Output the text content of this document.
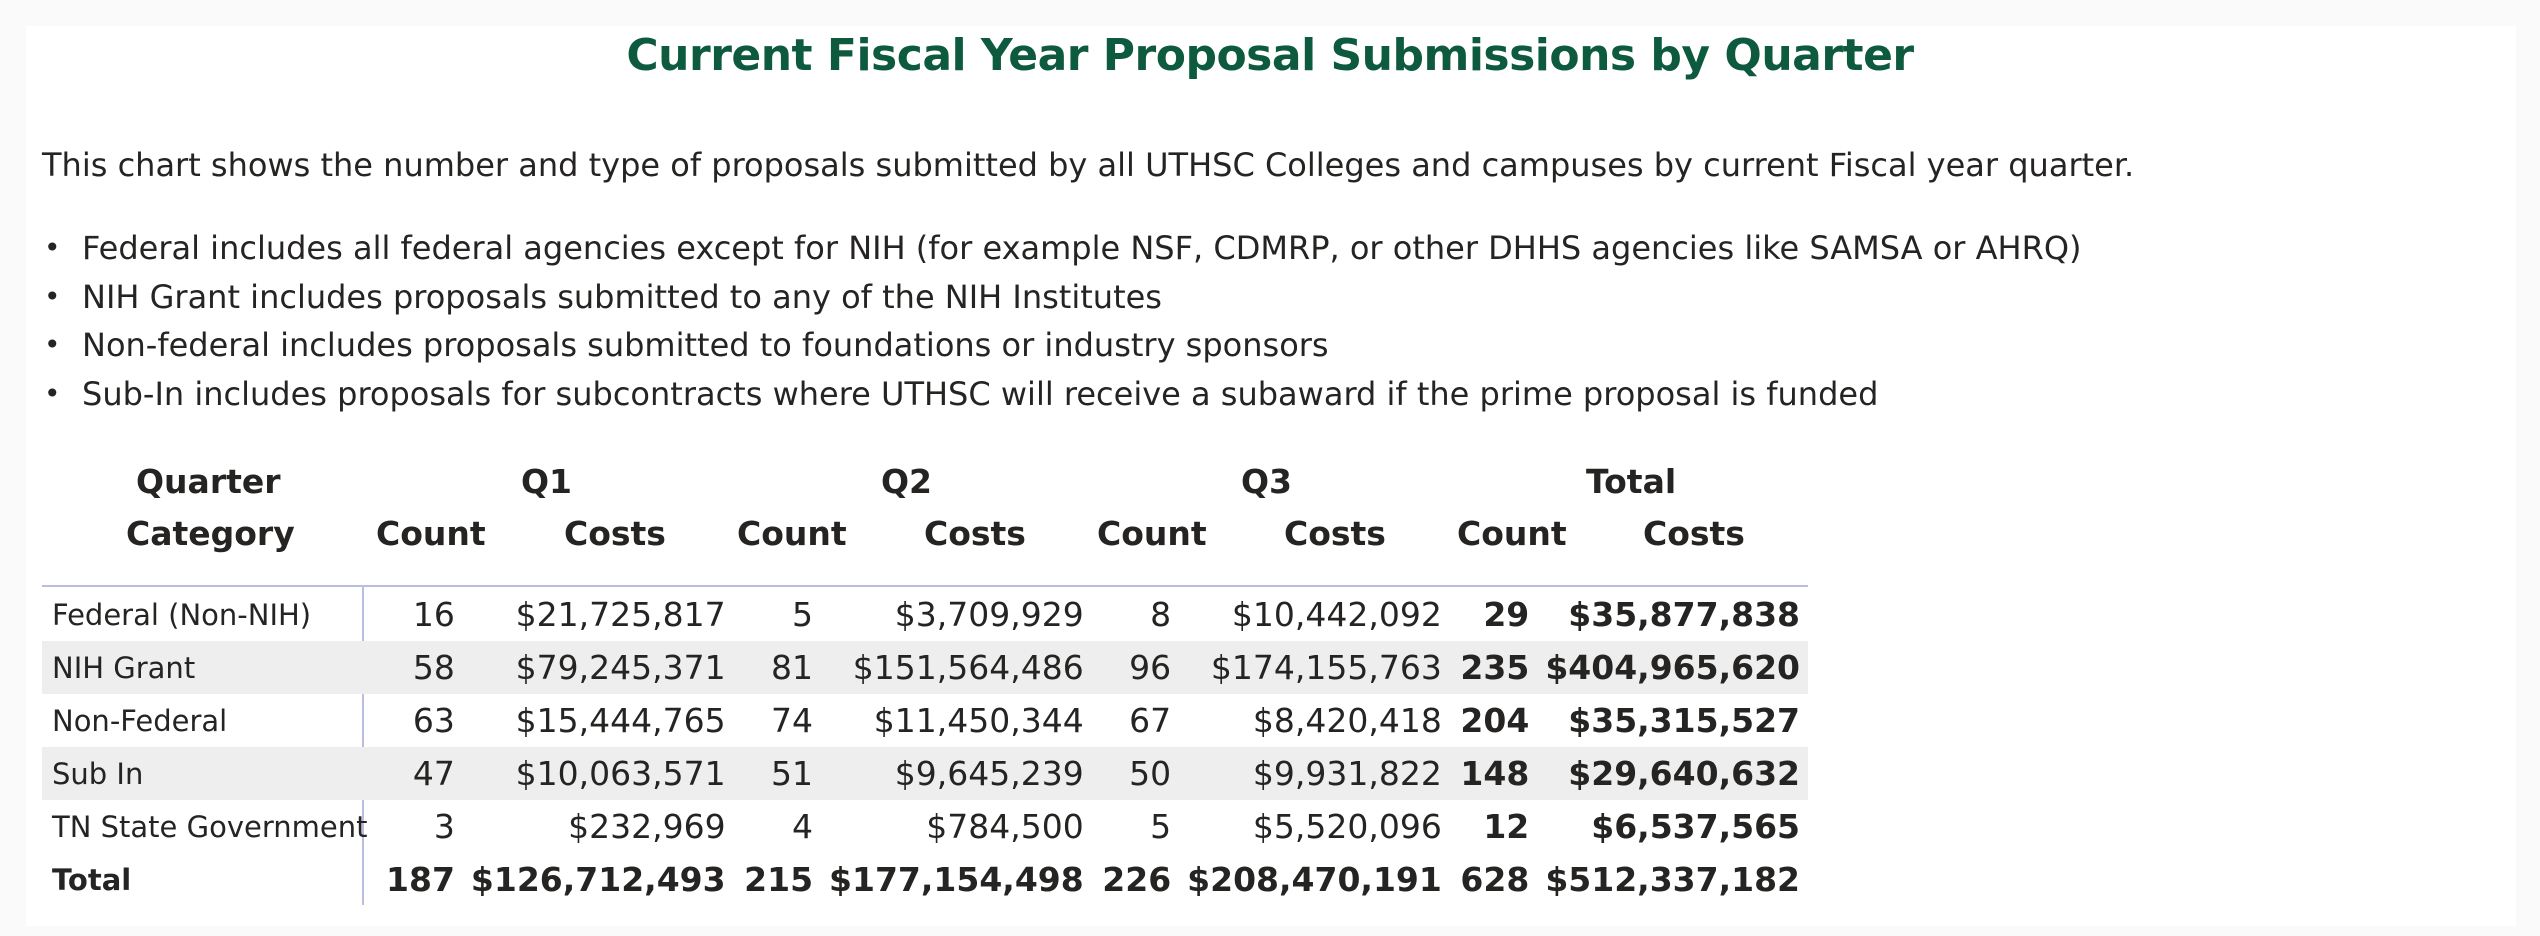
Current Fiscal Year Proposal Submissions by Quarter
This chart shows the number and type of proposals submitted by all UTHSC Colleges and campuses by current Fiscal year quarter.
• Federal includes all federal agencies except for NIH (for example NSF, CDMRP, or other DHHS agencies like SAMSA or AHRQ)
• NIH Grant includes proposals submitted to any of the NIH Institutes
• Non-federal includes proposals submitted to foundations or industry sponsors
• Sub-In includes proposals for subcontracts where UTHSC will receive a subaward if the prime proposal is funded
Quarter	Q1	Q2	Q3	Total
Category Count Costs Count Costs Count Costs Count Costs
Federal (Non-NIH)	16	$21,725,817	5	$3,709,929	8	$10,442,092	29	$35,877,838
NIH Grant	58	$79,245,371	81	$151,564,486	96	$174,155,763	235	$404,965,620
Non-Federal	63	$15,444,765	74	$11,450,344	67	$8,420,418	204	$35,315,527
Sub In	47	$10,063,571	51	$9,645,239	50	$9,931,822	148	$29,640,632
TN State Government	3	$232,969	4	$784,500	5	$5,520,096	12	$6,537,565
Total	187	$126,712,493	215	$177,154,498	226	$208,470,191	628	$512,337,182
